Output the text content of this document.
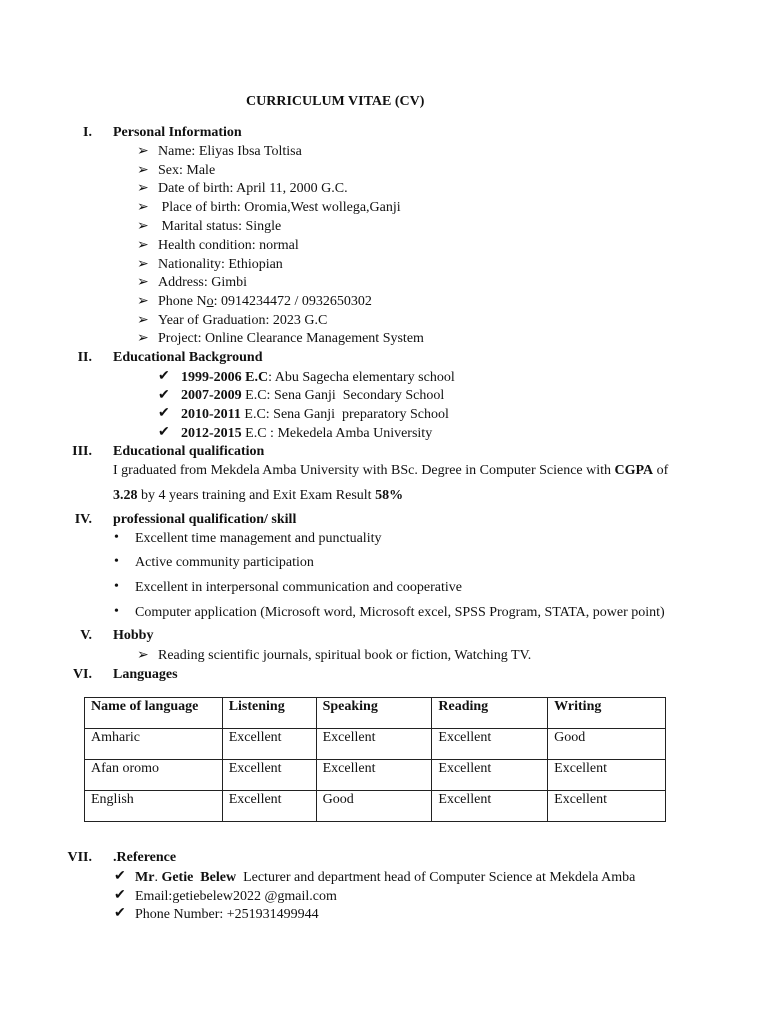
CURRICULUM VITAE (CV)
I. Personal Information
➢ Name: Eliyas Ibsa Toltisa
➢ Sex: Male
➢ Date of birth: April 11, 2000 G.C.
➢ Place of birth: Oromia,West wollega,Ganji
➢ Marital status: Single
➢ Health condition: normal
➢ Nationality: Ethiopian
➢ Address: Gimbi
➢ Phone No: 0914234472 / 0932650302
➢ Year of Graduation: 2023 G.C
➢ Project: Online Clearance Management System
II. Educational Background
✔ 1999-2006 E.C: Abu Sagecha elementary school
✔ 2007-2009 E.C: Sena Ganji  Secondary School
✔ 2010-2011 E.C: Sena Ganji  preparatory School
✔ 2012-2015 E.C : Mekedela Amba University
III. Educational qualification
I graduated from Mekdela Amba University with BSc. Degree in Computer Science with CGPA of
3.28 by 4 years training and Exit Exam Result 58%
IV. professional qualification/ skill
• Excellent time management and punctuality
• Active community participation
• Excellent in interpersonal communication and cooperative
• Computer application (Microsoft word, Microsoft excel, SPSS Program, STATA, power point)
V. Hobby
➢ Reading scientific journals, spiritual book or fiction, Watching TV.
VI. Languages
Name of language	Listening	Speaking	Reading	Writing
Amharic	Excellent	Excellent	Excellent	Good
Afan oromo	Excellent	Excellent	Excellent	Excellent
English	Excellent	Good	Excellent	Excellent
VII. .Reference
✔ Mr. Getie  Belew  Lecturer and department head of Computer Science at Mekdela Amba
✔ Email:getiebelew2022 @gmail.com
✔ Phone Number: +251931499944
